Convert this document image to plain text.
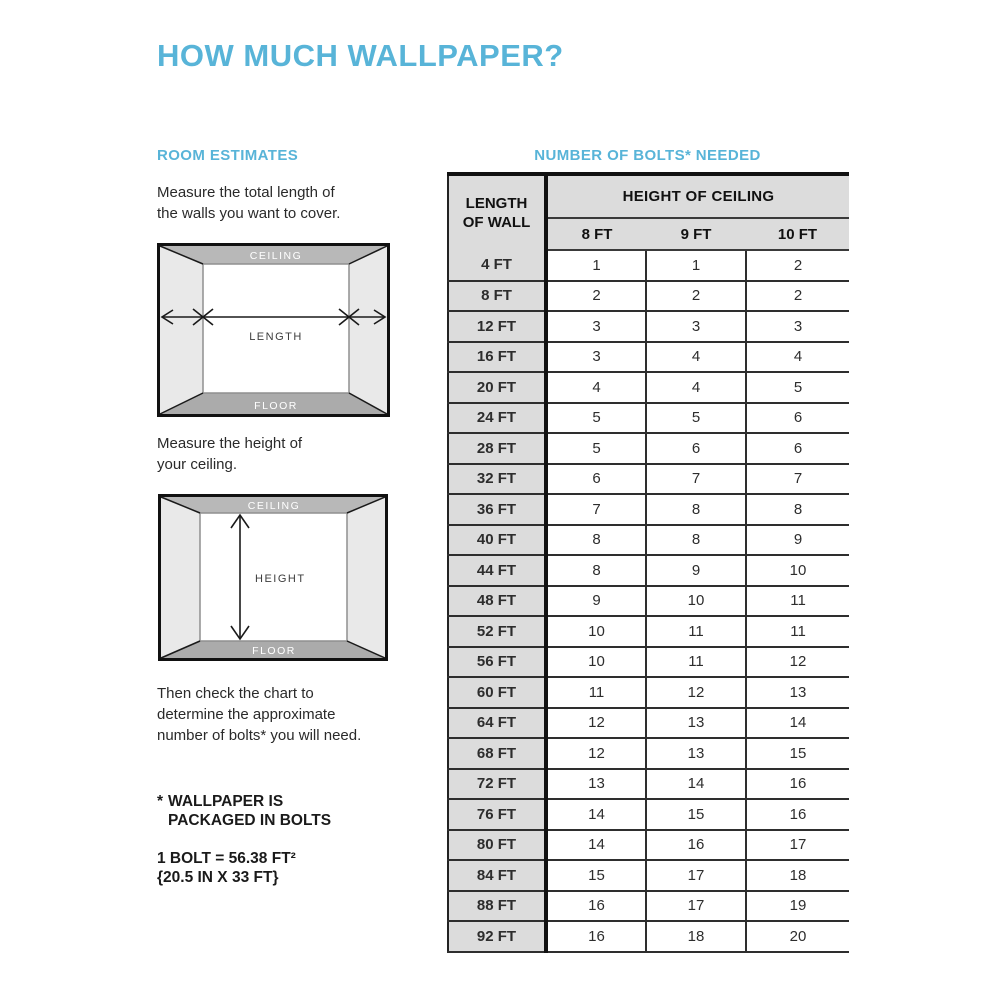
HOW MUCH WALLPAPER?
ROOM ESTIMATES
Measure the total length of
the walls you want to cover.
CEILING
LENGTH
FLOOR
Measure the height of
your ceiling.
CEILING
HEIGHT
FLOOR
Then check the chart to
determine the approximate
number of bolts* you will need.
* WALLPAPER IS
PACKAGED IN BOLTS
1 BOLT = 56.38 FT²
{20.5 IN X 33 FT}
NUMBER OF BOLTS* NEEDED
LENGTH
OF WALL	HEIGHT OF CEILING		
	8 FT	9 FT	10 FT
4 FT	1	1	2
8 FT	2	2	2
12 FT	3	3	3
16 FT	3	4	4
20 FT	4	4	5
24 FT	5	5	6
28 FT	5	6	6
32 FT	6	7	7
36 FT	7	8	8
40 FT	8	8	9
44 FT	8	9	10
48 FT	9	10	11
52 FT	10	11	11
56 FT	10	11	12
60 FT	11	12	13
64 FT	12	13	14
68 FT	12	13	15
72 FT	13	14	16
76 FT	14	15	16
80 FT	14	16	17
84 FT	15	17	18
88 FT	16	17	19
92 FT	16	18	20
